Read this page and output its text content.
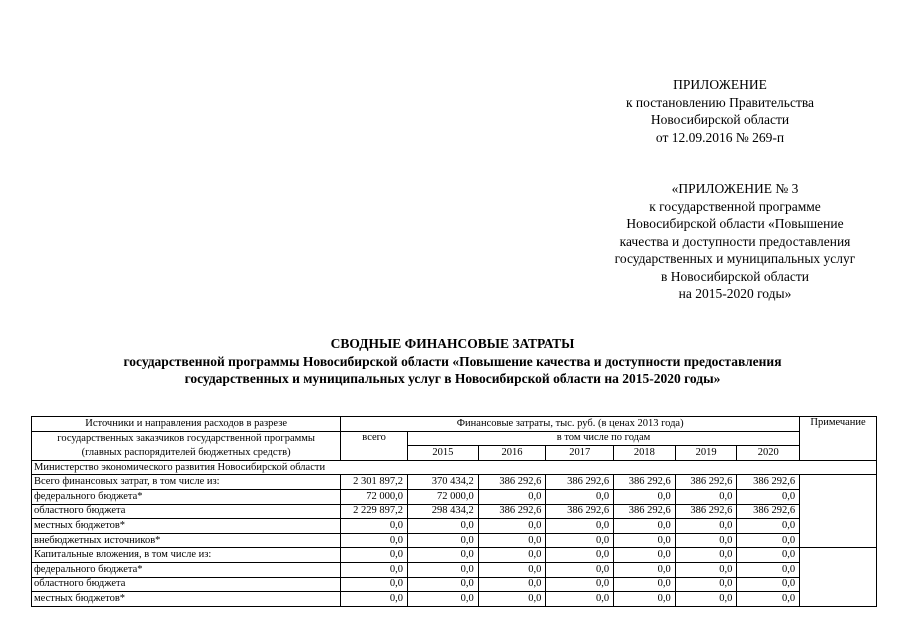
ПРИЛОЖЕНИЕ
к постановлению Правительства
Новосибирской области
от 12.09.2016 № 269-п
«ПРИЛОЖЕНИЕ № 3
к государственной программе
Новосибирской области «Повышение
качества и доступности предоставления
государственных и муниципальных услуг
в Новосибирской области
на 2015-2020 годы»
СВОДНЫЕ ФИНАНСОВЫЕ ЗАТРАТЫ
государственной программы Новосибирской области «Повышение качества и доступности предоставления
государственных и муниципальных услуг в Новосибирской области на 2015-2020 годы»
Источники и направления расходов в разрезе	Финансовые затраты, тыс. руб. (в ценах 2013 года)							Примечание
государственных заказчиков государственной программы	всего	в том числе по годам						
(главных распорядителей бюджетных средств)		2015	2016	2017	2018	2019	2020	
Министерство экономического развития Новосибирской области								
Всего финансовых затрат, в том числе из:	2 301 897,2	370 434,2	386 292,6	386 292,6	386 292,6	386 292,6	386 292,6	
федерального бюджета*	72 000,0	72 000,0	0,0	0,0	0,0	0,0	0,0	
областного бюджета	2 229 897,2	298 434,2	386 292,6	386 292,6	386 292,6	386 292,6	386 292,6	
местных бюджетов*	0,0	0,0	0,0	0,0	0,0	0,0	0,0	
внебюджетных источников*	0,0	0,0	0,0	0,0	0,0	0,0	0,0	
Капитальные вложения, в том числе из:	0,0	0,0	0,0	0,0	0,0	0,0	0,0	
федерального бюджета*	0,0	0,0	0,0	0,0	0,0	0,0	0,0	
областного бюджета	0,0	0,0	0,0	0,0	0,0	0,0	0,0	
местных бюджетов*	0,0	0,0	0,0	0,0	0,0	0,0	0,0	
